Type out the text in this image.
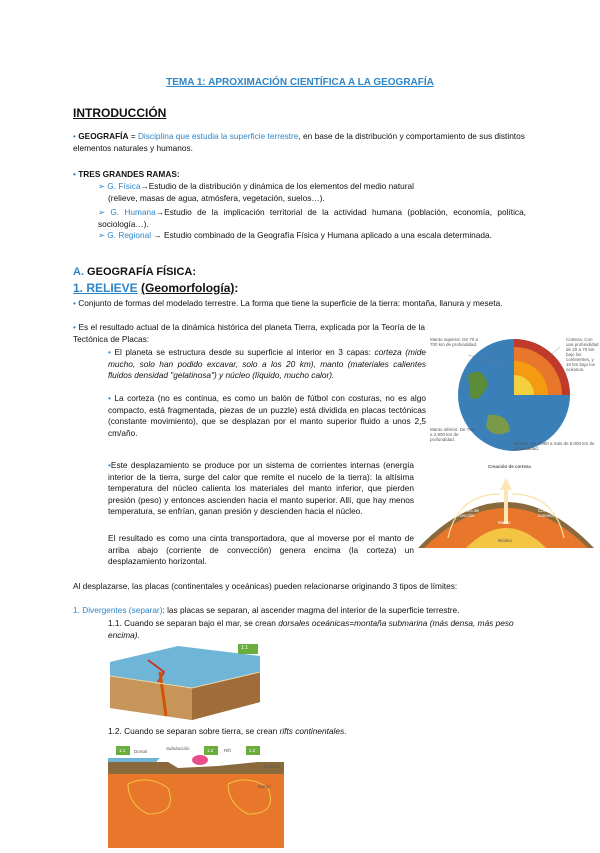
TEMA 1: APROXIMACIÓN CIENTÍFICA A LA GEOGRAFÍA
INTRODUCCIÓN
• GEOGRAFÍA = Disciplina que estudia la superficie terrestre, en base de la distribución y comportamiento de sus distintos elementos naturales y humanos.
• TRES GRANDES RAMAS:
➢ G. Física→Estudio de la distribución y dinámica de los elementos del medio natural
(relieve, masas de agua, atmósfera, vegetación, suelos…).
➢ G. Humana→Estudio de la implicación territorial de la actividad humana (población, economía, política, sociología…).
➢ G. Regional → Estudio combinado de la Geografía Física y Humana aplicado a una escala determinada.
A. GEOGRAFÍA FÍSICA:
1. RELIEVE (Geomorfología):
• Conjunto de formas del modelado terrestre. La forma que tiene la superficie de la tierra: montaña, llanura y meseta.
• Es el resultado actual de la dinámica histórica del planeta Tierra, explicada por la Teoría de la Tectónica de Placas:
• El planeta se estructura desde su superficie al interior en 3 capas: corteza (mide mucho, solo han podido excavar, solo a los 20 km), manto (materiales calientes fluidos densidad "gelatinosa") y núcleo (líquido, mucho calor).
• La corteza (no es continua, es como un balón de fútbol con costuras, no es algo compacto, está fragmentada, piezas de un puzzle) está dividida en placas tectónicas (constante movimiento), que se desplazan por el manto superior fluido a unos 2,5 cm/año.
•Este desplazamiento se produce por un sistema de corrientes internas (energía interior de la tierra, surge del calor que remite el nucelo de la tierra): la altísima temperatura del núcleo calienta los materiales del manto inferior, que pierden presión (peso) y entonces ascienden hacia el manto superior. Allí, que hay menos temperatura, se enfrían, ganan presión y descienden hacia el núcleo.
El resultado es como una cinta transportadora, que al moverse por el manto de arriba abajo (corriente de convección) genera encima (la corteza) un desplazamiento horizontal.
Al desplazarse, las placas (continentales y oceánicas) pueden relacionarse originando 3 tipos de límites:
1. Divergentes (separar): las placas se separan, al ascender magma del interior de la superficie terrestre.
1.1. Cuando se separan bajo el mar, se crean dorsales oceánicas=montaña submarina (más densa, más peso encima).
1.2. Cuando se separan sobre tierra, se crean rifts continentales.
Manto superior. De 70 a 700 km de profundidad.
Corteza. Con una profundidad de 20 a 70 km bajo los continentes, y 10 km bajo los océanos.
Manto inferior. De 700 a 2.900 km de profundidad.
Núcleo. De 2.900 a más de 6.000 km de profundidad.
Creación de corteza
Corrientes de convección
Manto
Corrientes de convección
Núcleo
1.1
1.1	1.2	1.2
Dorsal
Subducción	Rift
Corteza
Manto
